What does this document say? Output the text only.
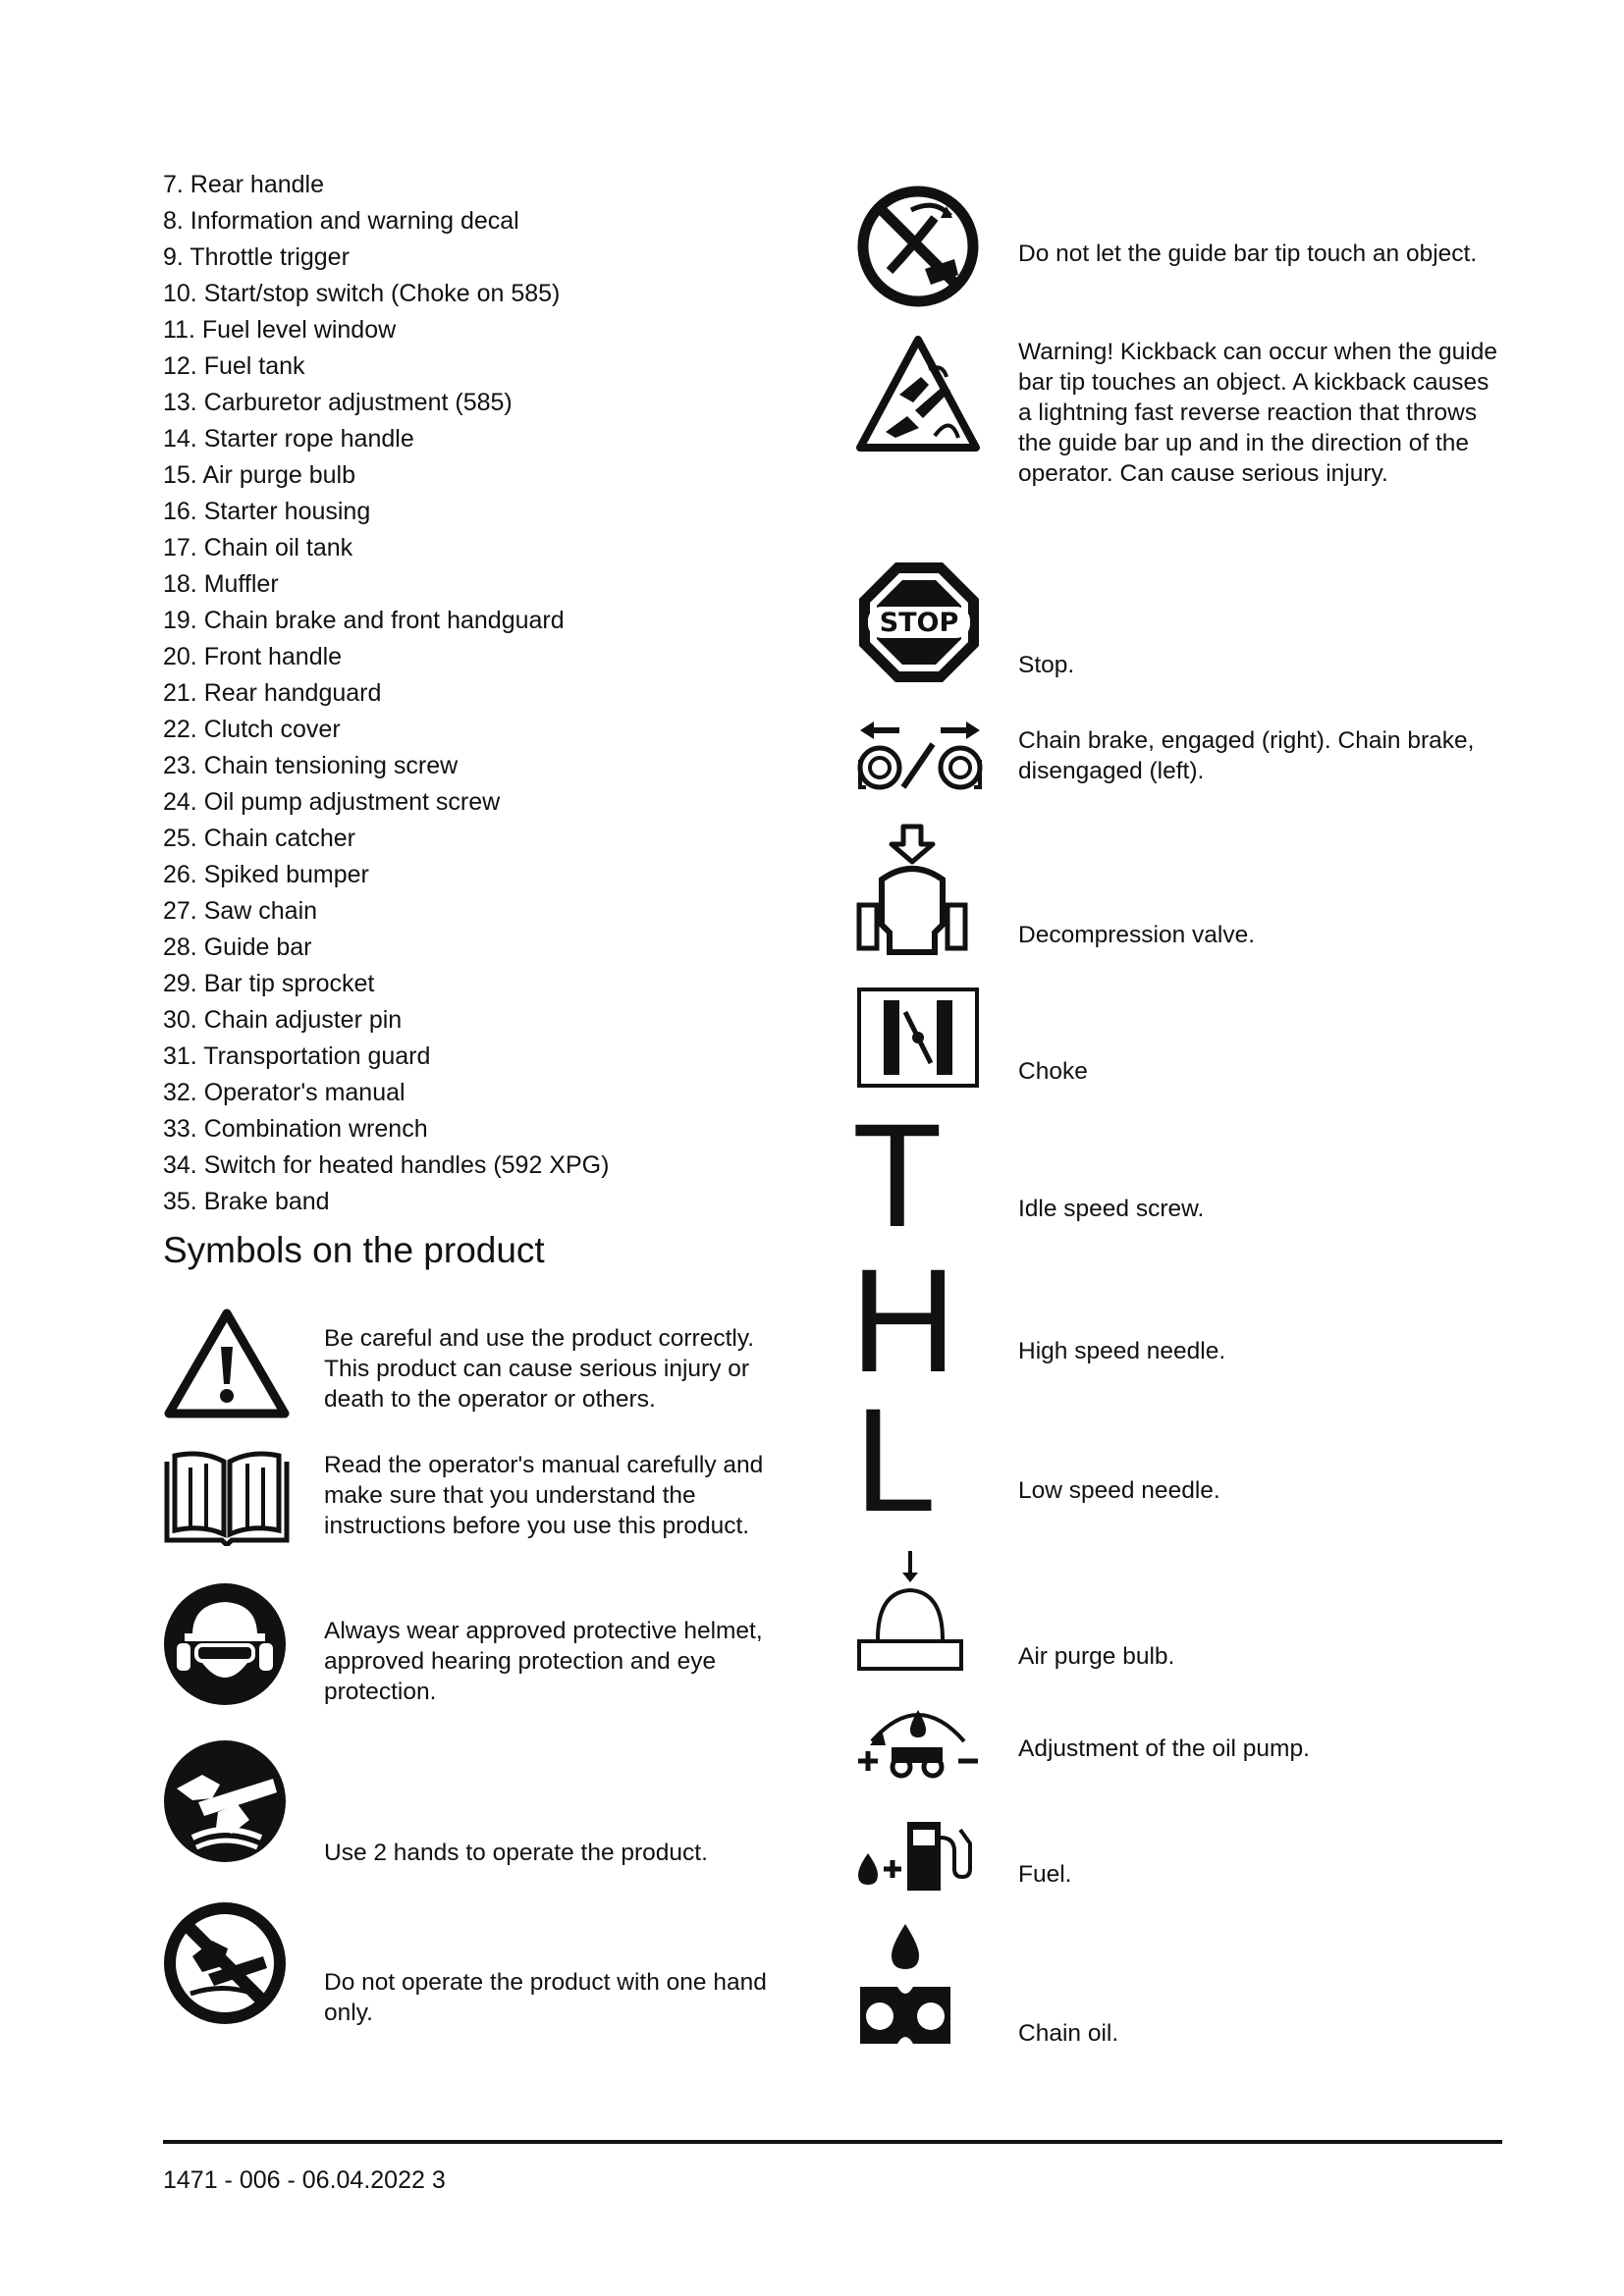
7. Rear handle
8. Information and warning decal
9. Throttle trigger
10. Start/stop switch (Choke on 585)
11. Fuel level window
12. Fuel tank
13. Carburetor adjustment (585)
14. Starter rope handle
15. Air purge bulb
16. Starter housing
17. Chain oil tank
18. Muffler
19. Chain brake and front handguard
20. Front handle
21. Rear handguard
22. Clutch cover
23. Chain tensioning screw
24. Oil pump adjustment screw
25. Chain catcher
26. Spiked bumper
27. Saw chain
28. Guide bar
29. Bar tip sprocket
30. Chain adjuster pin
31. Transportation guard
32. Operator's manual
33. Combination wrench
34. Switch for heated handles (592 XPG)
35. Brake band
Symbols on the product
Be careful and use the product correctly. This product can cause serious injury or death to the operator or others.
Read the operator's manual carefully and make sure that you understand the instructions before you use this product.
Always wear approved protective helmet, approved hearing protection and eye protection.
Use 2 hands to operate the product.
Do not operate the product with one hand only.
Do not let the guide bar tip touch an object.
Warning! Kickback can occur when the guide bar tip touches an object. A kickback causes a lightning fast reverse reaction that throws the guide bar up and in the direction of the operator. Can cause serious injury.
STOP
Stop.
Chain brake, engaged (right). Chain brake, disengaged (left).
Decompression valve.
Choke
T	Idle speed screw.
H	High speed needle.
L	Low speed needle.
Air purge bulb.
Adjustment of the oil pump.
Fuel.
Chain oil.
1471 - 006 - 06.04.2022 3
